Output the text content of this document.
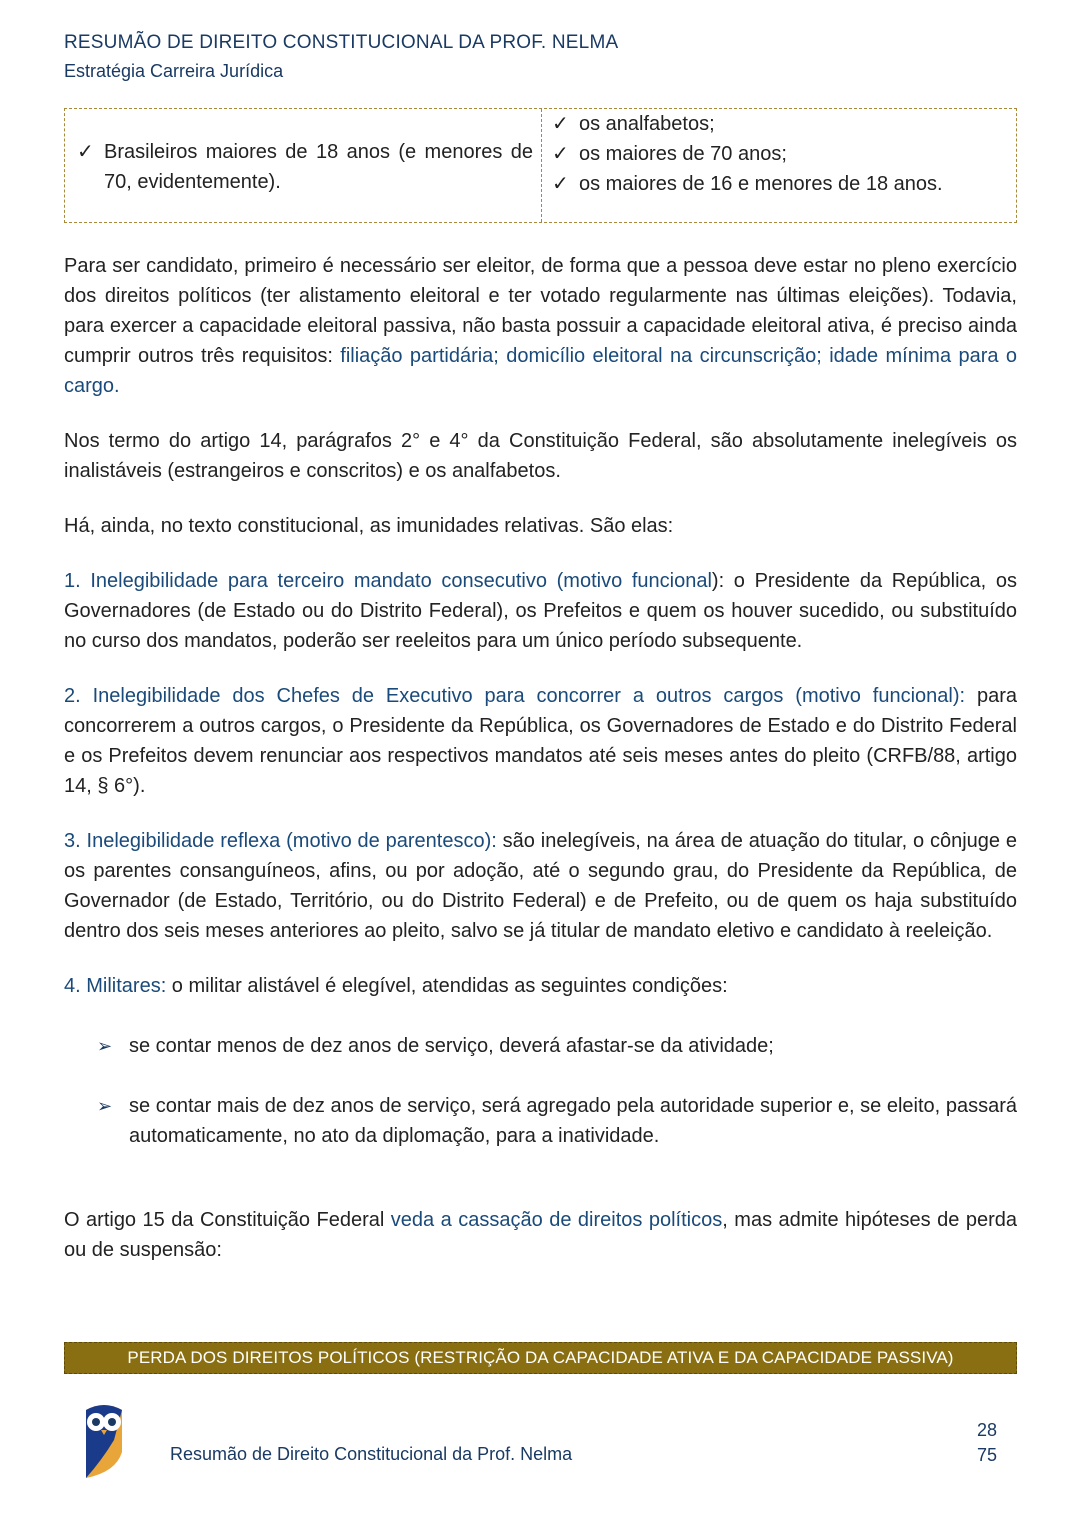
RESUMÃO DE DIREITO CONSTITUCIONAL DA PROF. NELMA
Estratégia Carreira Jurídica
✓ Brasileiros maiores de 18 anos (e menores de 70, evidentemente).
✓ os analfabetos;
✓ os maiores de 70 anos;
✓ os maiores de 16 e menores de 18 anos.

Para ser candidato, primeiro é necessário ser eleitor, de forma que a pessoa deve estar no pleno exercício dos direitos políticos (ter alistamento eleitoral e ter votado regularmente nas últimas eleições). Todavia, para exercer a capacidade eleitoral passiva, não basta possuir a capacidade eleitoral ativa, é preciso ainda cumprir outros três requisitos: filiação partidária; domicílio eleitoral na circunscrição; idade mínima para o cargo.

Nos termo do artigo 14, parágrafos 2° e 4° da Constituição Federal, são absolutamente inelegíveis os inalistáveis (estrangeiros e conscritos) e os analfabetos.

Há, ainda, no texto constitucional, as imunidades relativas. São elas:

1. Inelegibilidade para terceiro mandato consecutivo (motivo funcional): o Presidente da República, os Governadores (de Estado ou do Distrito Federal), os Prefeitos e quem os houver sucedido, ou substituído no curso dos mandatos, poderão ser reeleitos para um único período subsequente.

2. Inelegibilidade dos Chefes de Executivo para concorrer a outros cargos (motivo funcional): para concorrerem a outros cargos, o Presidente da República, os Governadores de Estado e do Distrito Federal e os Prefeitos devem renunciar aos respectivos mandatos até seis meses antes do pleito (CRFB/88, artigo 14, § 6°).

3. Inelegibilidade reflexa (motivo de parentesco): são inelegíveis, na área de atuação do titular, o cônjuge e os parentes consanguíneos, afins, ou por adoção, até o segundo grau, do Presidente da República, de Governador (de Estado, Território, ou do Distrito Federal) e de Prefeito, ou de quem os haja substituído dentro dos seis meses anteriores ao pleito, salvo se já titular de mandato eletivo e candidato à reeleição.

4. Militares: o militar alistável é elegível, atendidas as seguintes condições:

➢ se contar menos de dez anos de serviço, deverá afastar-se da atividade;
➢ se contar mais de dez anos de serviço, será agregado pela autoridade superior e, se eleito, passará automaticamente, no ato da diplomação, para a inatividade.

O artigo 15 da Constituição Federal veda a cassação de direitos políticos, mas admite hipóteses de perda ou de suspensão:

PERDA DOS DIREITOS POLÍTICOS (RESTRIÇÃO DA CAPACIDADE ATIVA E DA CAPACIDADE PASSIVA)
Resumão de Direito Constitucional da Prof. Nelma
28
75
